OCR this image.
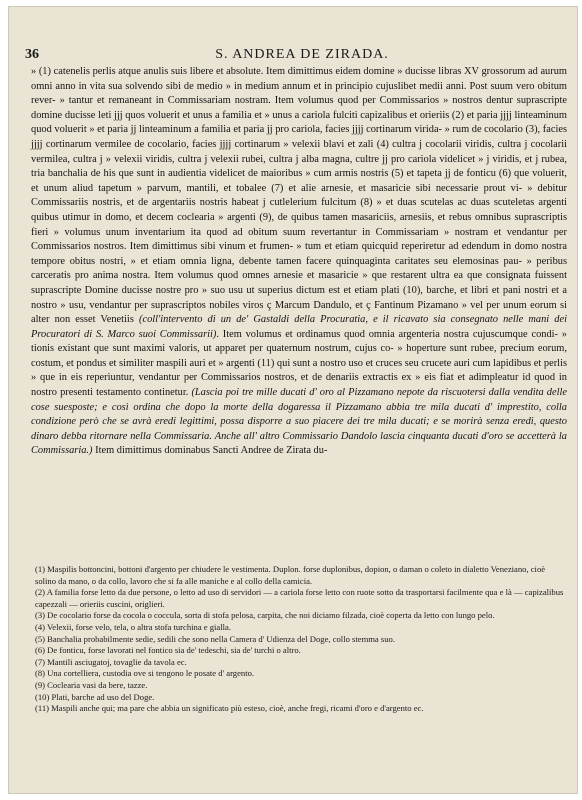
36	S. ANDREA DE ZIRADA.

» (1) catenelis perlis atque anulis suis libere et absolute. Item dimittimus eidem domine » ducisse libras XV grossorum ad aurum omni anno in vita sua solvendo sibi de medio » in medium annum et in principio cujuslibet medii anni. Post suum vero obitum rever- » tantur et remaneant in Commissariam nostram. Item volumus quod per Commissarios » nostros dentur suprascripte domine ducisse leti jjj quos voluerit et unus a familia et » unus a cariola fulciti capizalibus et orieriis (2) et paria jjjj linteaminum quod voluerit » et paria jj linteaminum a familia et paria jj pro cariola, facies jjjj cortinarum virida- » rum de cocolario (3), facies jjjj cortinarum vermilee de cocolario, facies jjjj cortinarum » velexii blavi et zali (4) cultra j cocolarii viridis, cultra j cocolarii vermilea, cultra j » velexii viridis, cultra j velexii rubei, cultra j alba magna, cultre jj pro cariola videlicet » j viridis, et j rubea, tria banchalia de his que sunt in audientia videlicet de maioribus » cum armis nostris (5) et tapeta jj de fonticu (6) que voluerit, et unum aliud tapetum » parvum, mantili, et tobalee (7) et alie arnesie, et masaricie sibi necessarie prout vi- » debitur Commissariis nostris, et de argentariis nostris habeat j cutlelerium fulcitum (8) » et duas scutelas ac duas scuteletas argenti quibus utimur in domo, et decem coclearia » argenti (9), de quibus tamen masariciis, arnesiis, et rebus omnibus suprascriptis fieri » volumus unum inventarium ita quod ad obitum suum revertantur in Commissariam » nostram et vendantur per Commissarios nostros. Item dimittimus sibi vinum et frumen- » tum et etiam quicquid reperiretur ad edendum in domo nostra tempore obitus nostri, » et etiam omnia ligna, debente tamen facere quinquaginta caritates seu elemosinas pau- » peribus carceratis pro anima nostra. Item volumus quod omnes arnesie et masaricie » que restarent ultra ea que consignata fuissent suprascripte Domine ducisse nostre pro » suo usu ut superius dictum est et etiam plati (10), barche, et libri et pani nostri et a nostro » usu, vendantur per suprascriptos nobiles viros ç Marcum Dandulo, et ç Fantinum Pizamano » vel per unum eorum si alter non esset Venetiis (coll'intervento di un de' Gastaldi della Procuratia, e il ricavato sia consegnato nelle mani dei Procuratori di S. Marco suoi Commissarii). Item volumus et ordinamus quod omnia argenteria nostra cujuscumque condi- » tionis existant que sunt maximi valoris, ut apparet per quaternum nostrum, cujus co- » hoperture sunt rubee, precium eorum, costum, et pondus et similiter maspili auri et » argenti (11) qui sunt a nostro uso et cruces seu crucete auri cum lapidibus et perlis » que in eis reperiuntur, vendantur per Commissarios nostros, et de denariis extractis ex » eis fiat et adimpleatur id quod in nostro presenti testamento continetur. (Lascia poi tre mille ducati d' oro al Pizzamano nepote da riscuotersi dalla vendita delle cose suesposte; e così ordina che dopo la morte della dogaressa il Pizzamano abbia tre mila ducati d' imprestito, colla condizione però che se avrà eredi legittimi, possa disporre a suo piacere dei tre mila ducati; e se morirà senza eredi, questo dinaro debba ritornare nella Commissaria. Anche all' altro Commissario Dandolo lascia cinquanta ducati d'oro se accetterà la Commissaria.) Item dimittimus dominabus Sancti Andree de Zirata du-

(1) Maspilis bottoncini, bottoni d'argento per chiudere le vestimenta. Duplon. forse duplonibus, dopion, o daman o coleto in dialetto Veneziano, cioè solino da mano, o da collo, lavoro che si fa alle maniche e al collo della camicia.
(2) A familia forse letto da due persone, o letto ad uso di servidori — a cariola forse letto con ruote sotto da trasportarsi facilmente qua e là — capizalibus capezzali — orieriis cuscini, origlieri.
(3) De cocolario forse da cocola o coccula, sorta di stofa pelosa, carpita, che noi diciamo filzada, cioè coperta da letto con lungo pelo.
(4) Velexii, forse velo, tela, o altra stofa turchina e gialla.
(5) Banchalia probabilmente sedie, sedili che sono nella Camera d' Udienza del Doge, collo stemma suo.
(6) De fonticu, forse lavorati nel fontico sia de' tedeschi, sia de' turchi o altro.
(7) Mantili asciugatoj, tovaglie da tavola ec.
(8) Una cortelliera, custodia ove si tengono le posate d' argento.
(9) Coclearia vasi da bere, tazze.
(10) Plati, barche ad uso del Doge.
(11) Maspili anche qui; ma pare che abbia un significato più esteso, cioè, anche fregi, ricami d'oro e d'argento ec.
